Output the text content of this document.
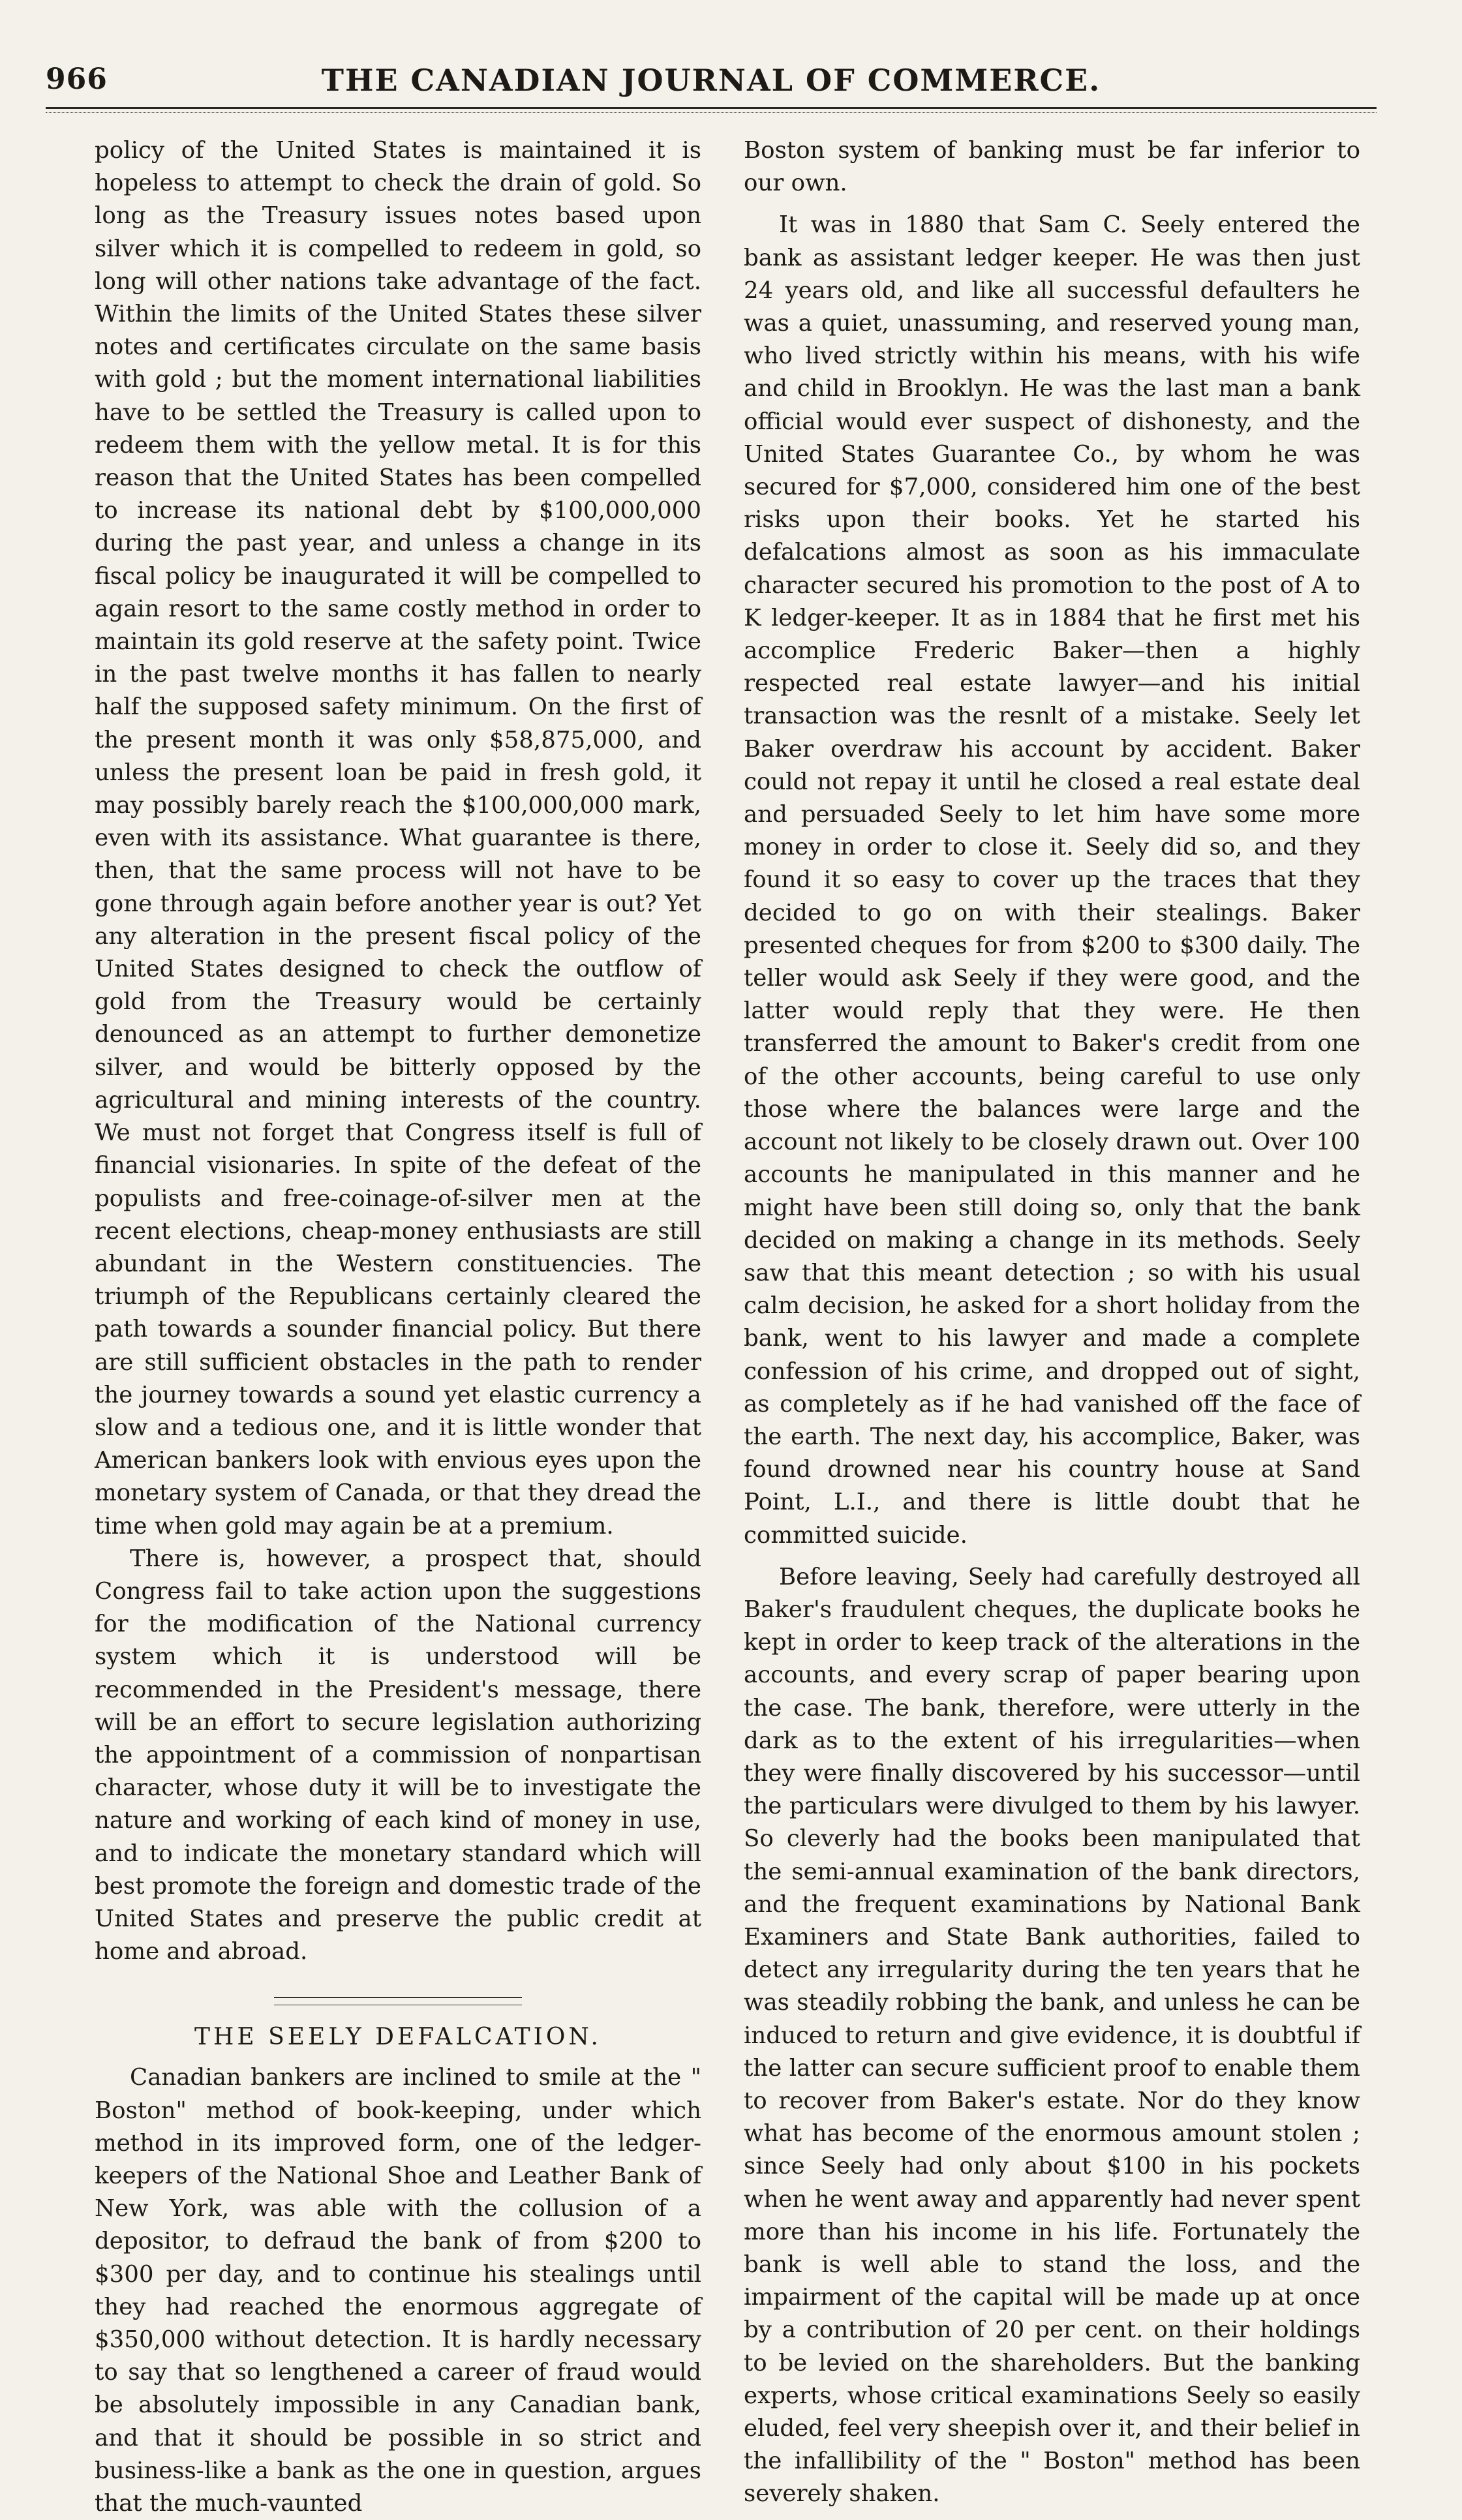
966	THE CANADIAN JOURNAL OF COMMERCE.

policy of the United States is maintained it is hopeless to attempt to check the drain of gold. So long as the Treasury issues notes based upon silver which it is compelled to redeem in gold, so long will other nations take advantage of the fact. Within the limits of the United States these silver notes and certificates circulate on the same basis with gold ; but the moment international liabilities have to be settled the Treasury is called upon to redeem them with the yellow metal. It is for this reason that the United States has been compelled to increase its national debt by $100,000,000 during the past year, and unless a change in its fiscal policy be inaugurated it will be compelled to again resort to the same costly method in order to maintain its gold reserve at the safety point. Twice in the past twelve months it has fallen to nearly half the supposed safety minimum. On the first of the present month it was only $58,875,000, and unless the present loan be paid in fresh gold, it may possibly barely reach the $100,000,000 mark, even with its assistance. What guarantee is there, then, that the same process will not have to be gone through again before another year is out? Yet any alteration in the present fiscal policy of the United States designed to check the outflow of gold from the Treasury would be certainly denounced as an attempt to further demonetize silver, and would be bitterly opposed by the agricultural and mining interests of the country. We must not forget that Congress itself is full of financial visionaries. In spite of the defeat of the populists and free-coinage-of-silver men at the recent elections, cheap-money enthusiasts are still abundant in the Western constituencies. The triumph of the Republicans certainly cleared the path towards a sounder financial policy. But there are still sufficient obstacles in the path to render the journey towards a sound yet elastic currency a slow and a tedious one, and it is little wonder that American bankers look with envious eyes upon the monetary system of Canada, or that they dread the time when gold may again be at a premium.

There is, however, a prospect that, should Congress fail to take action upon the suggestions for the modification of the National currency system which it is understood will be recommended in the President's message, there will be an effort to secure legislation authorizing the appointment of a commission of nonpartisan character, whose duty it will be to investigate the nature and working of each kind of money in use, and to indicate the monetary standard which will best promote the foreign and domestic trade of the United States and preserve the public credit at home and abroad.

THE SEELY DEFALCATION.

Canadian bankers are inclined to smile at the " Boston" method of book-keeping, under which method in its improved form, one of the ledger-keepers of the National Shoe and Leather Bank of New York, was able with the collusion of a depositor, to defraud the bank of from $200 to $300 per day, and to continue his stealings until they had reached the enormous aggregate of $350,000 without detection. It is hardly necessary to say that so lengthened a career of fraud would be absolutely impossible in any Canadian bank, and that it should be possible in so strict and business-like a bank as the one in question, argues that the much-vaunted

Boston system of banking must be far inferior to our own.

It was in 1880 that Sam C. Seely entered the bank as assistant ledger keeper. He was then just 24 years old, and like all successful defaulters he was a quiet, unassuming, and reserved young man, who lived strictly within his means, with his wife and child in Brooklyn. He was the last man a bank official would ever suspect of dishonesty, and the United States Guarantee Co., by whom he was secured for $7,000, considered him one of the best risks upon their books. Yet he started his defalcations almost as soon as his immaculate character secured his promotion to the post of A to K ledger-keeper. It as in 1884 that he first met his accomplice Frederic Baker—then a highly respected real estate lawyer—and his initial transaction was the resnlt of a mistake. Seely let Baker overdraw his account by accident. Baker could not repay it until he closed a real estate deal and persuaded Seely to let him have some more money in order to close it. Seely did so, and they found it so easy to cover up the traces that they decided to go on with their stealings. Baker presented cheques for from $200 to $300 daily. The teller would ask Seely if they were good, and the latter would reply that they were. He then transferred the amount to Baker's credit from one of the other accounts, being careful to use only those where the balances were large and the account not likely to be closely drawn out. Over 100 accounts he manipulated in this manner and he might have been still doing so, only that the bank decided on making a change in its methods. Seely saw that this meant detection ; so with his usual calm decision, he asked for a short holiday from the bank, went to his lawyer and made a complete confession of his crime, and dropped out of sight, as completely as if he had vanished off the face of the earth. The next day, his accomplice, Baker, was found drowned near his country house at Sand Point, L.I., and there is little doubt that he committed suicide.

Before leaving, Seely had carefully destroyed all Baker's fraudulent cheques, the duplicate books he kept in order to keep track of the alterations in the accounts, and every scrap of paper bearing upon the case. The bank, therefore, were utterly in the dark as to the extent of his irregularities—when they were finally discovered by his successor—until the particulars were divulged to them by his lawyer. So cleverly had the books been manipulated that the semi-annual examination of the bank directors, and the frequent examinations by National Bank Examiners and State Bank authorities, failed to detect any irregularity during the ten years that he was steadily robbing the bank, and unless he can be induced to return and give evidence, it is doubtful if the latter can secure sufficient proof to enable them to recover from Baker's estate. Nor do they know what has become of the enormous amount stolen ; since Seely had only about $100 in his pockets when he went away and apparently had never spent more than his income in his life. Fortunately the bank is well able to stand the loss, and the impairment of the capital will be made up at once by a contribution of 20 per cent. on their holdings to be levied on the shareholders. But the banking experts, whose critical examinations Seely so easily eluded, feel very sheepish over it, and their belief in the infallibility of the " Boston" method has been severely shaken.
